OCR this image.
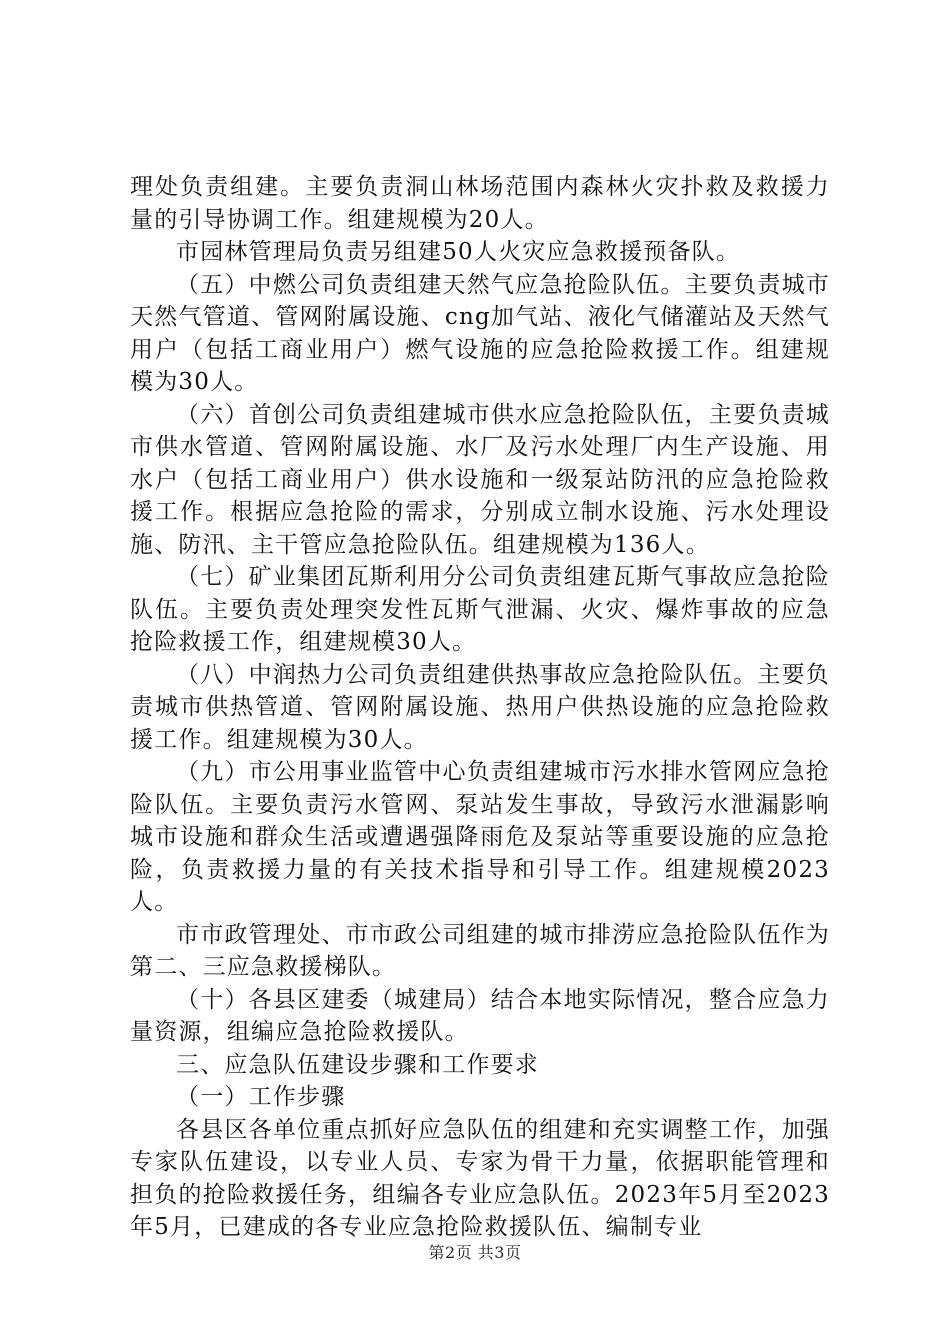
理处负责组建。主要负责洞山林场范围内森林火灾扑救及救援力量的引导协调工作。组建规模为20人。

市园林管理局负责另组建50人火灾应急救援预备队。

（五）中燃公司负责组建天然气应急抢险队伍。主要负责城市天然气管道、管网附属设施、cng加气站、液化气储灌站及天然气用户（包括工商业用户）燃气设施的应急抢险救援工作。组建规模为30人。

（六）首创公司负责组建城市供水应急抢险队伍，主要负责城市供水管道、管网附属设施、水厂及污水处理厂内生产设施、用水户（包括工商业用户）供水设施和一级泵站防汛的应急抢险救援工作。根据应急抢险的需求，分别成立制水设施、污水处理设施、防汛、主干管应急抢险队伍。组建规模为136人。

（七）矿业集团瓦斯利用分公司负责组建瓦斯气事故应急抢险队伍。主要负责处理突发性瓦斯气泄漏、火灾、爆炸事故的应急抢险救援工作，组建规模30人。

（八）中润热力公司负责组建供热事故应急抢险队伍。主要负责城市供热管道、管网附属设施、热用户供热设施的应急抢险救援工作。组建规模为30人。

（九）市公用事业监管中心负责组建城市污水排水管网应急抢险队伍。主要负责污水管网、泵站发生事故，导致污水泄漏影响城市设施和群众生活或遭遇强降雨危及泵站等重要设施的应急抢险，负责救援力量的有关技术指导和引导工作。组建规模2023人。

市市政管理处、市市政公司组建的城市排涝应急抢险队伍作为第二、三应急救援梯队。

（十）各县区建委（城建局）结合本地实际情况，整合应急力量资源，组编应急抢险救援队。

三、应急队伍建设步骤和工作要求

（一）工作步骤

各县区各单位重点抓好应急队伍的组建和充实调整工作，加强专家队伍建设，以专业人员、专家为骨干力量，依据职能管理和担负的抢险救援任务，组编各专业应急队伍。2023年5月至2023年5月，已建成的各专业应急抢险救援队伍、编制专业

第2页 共3页
